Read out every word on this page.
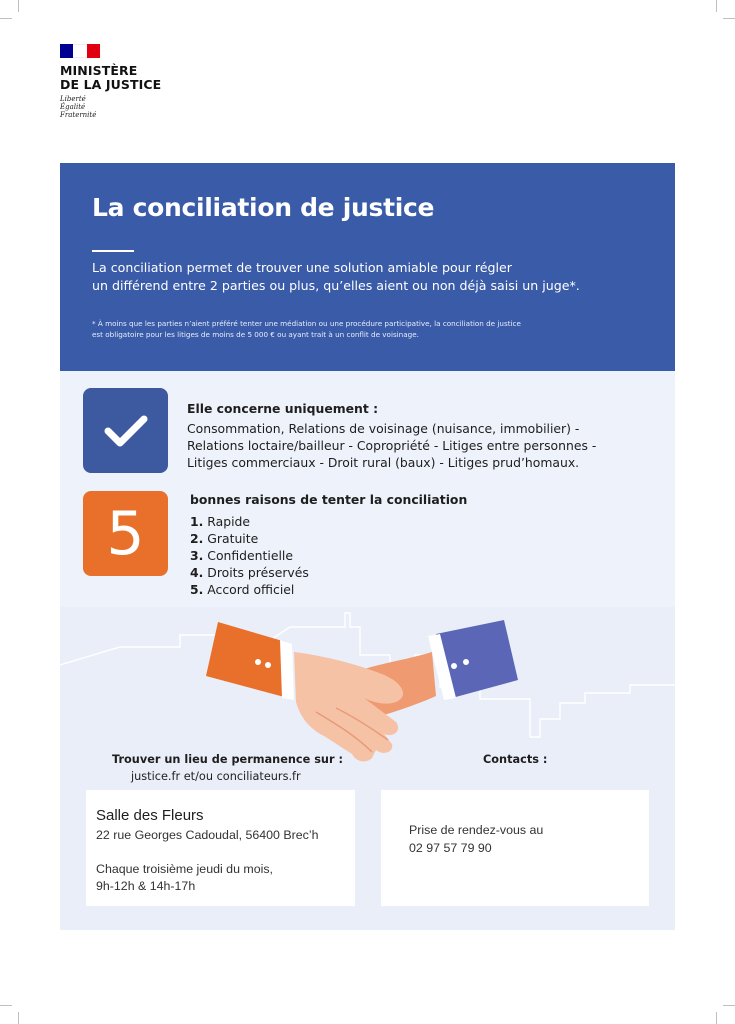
MINISTÈRE
DE LA JUSTICE
Liberté
Égalité
Fraternité
La conciliation de justice
La conciliation permet de trouver une solution amiable pour régler
un différend entre 2 parties ou plus, qu’elles aient ou non déjà saisi un juge*.
* À moins que les parties n’aient préféré tenter une médiation ou une procédure participative, la conciliation de justice
est obligatoire pour les litiges de moins de 5 000 € ou ayant trait à un conflit de voisinage.
Elle concerne uniquement :
Consommation, Relations de voisinage (nuisance, immobilier) -
Relations loctaire/bailleur - Copropriété - Litiges entre personnes -
Litiges commerciaux - Droit rural (baux) - Litiges prud’homaux.
5	bonnes raisons de tenter la conciliation
1. Rapide
2. Gratuite
3. Confidentielle
4. Droits préservés
5. Accord officiel
Trouver un lieu de permanence sur :
justice.fr et/ou conciliateurs.fr
Contacts :
Salle des Fleurs
22 rue Georges Cadoudal, 56400 Brec’h
Chaque troisième jeudi du mois,
9h-12h & 14h-17h
Prise de rendez-vous au
02 97 57 79 90
